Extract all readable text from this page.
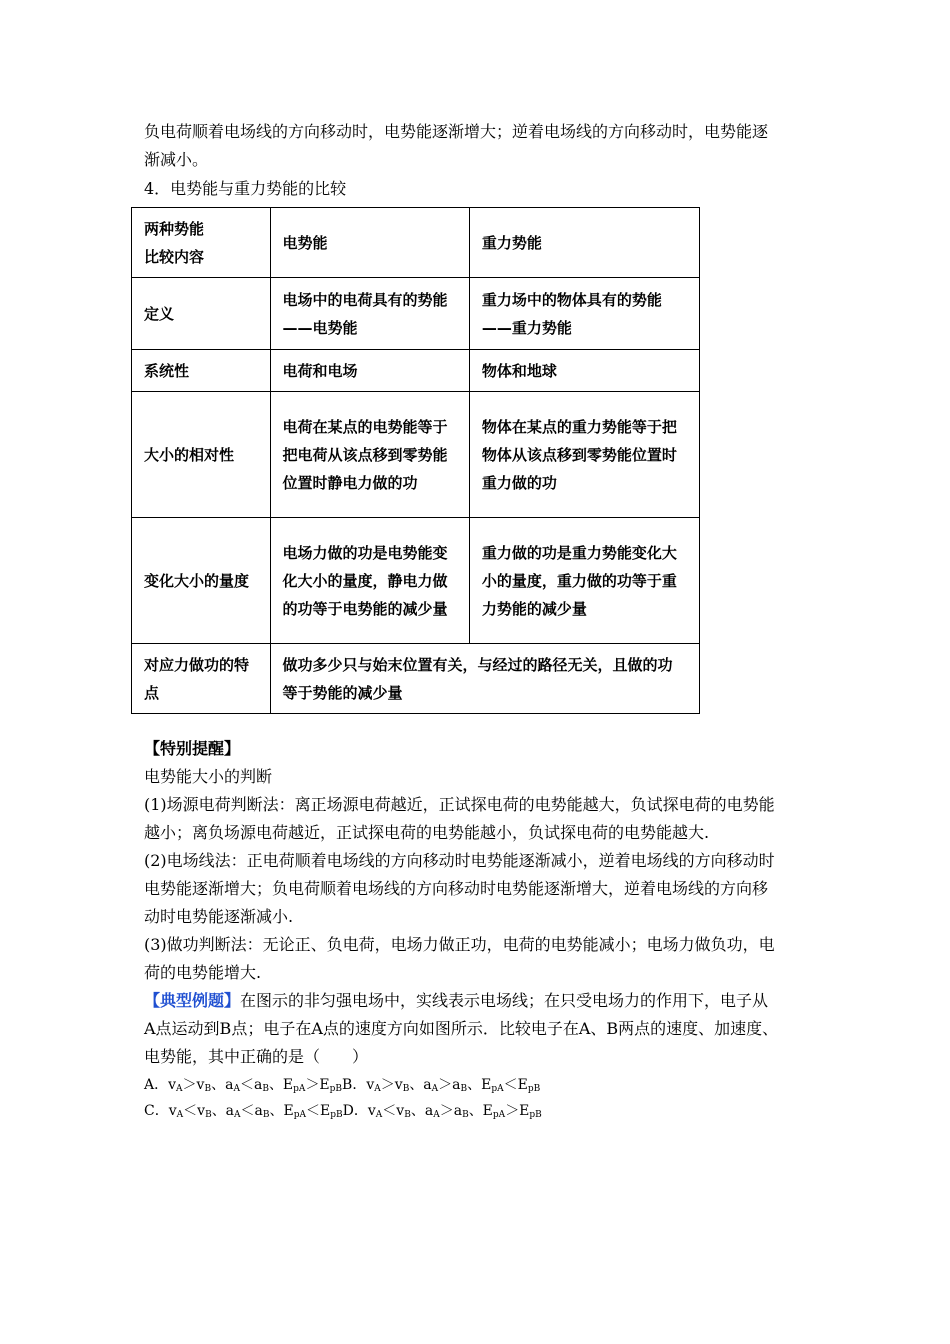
负电荷顺着电场线的方向移动时，电势能逐渐增大；逆着电场线的方向移动时，电势能逐
渐减小。
4．电势能与重力势能的比较
两种势能
比较内容	电势能	重力势能
定义	电场中的电荷具有的势能——电势能	重力场中的物体具有的势能——重力势能
系统性	电荷和电场	物体和地球
大小的相对性	电荷在某点的电势能等于把电荷从该点移到零势能位置时静电力做的功	物体在某点的重力势能等于把物体从该点移到零势能位置时重力做的功
变化大小的量度	电场力做的功是电势能变化大小的量度，静电力做的功等于电势能的减少量	重力做的功是重力势能变化大小的量度，重力做的功等于重力势能的减少量
对应力做功的特点	做功多少只与始末位置有关，与经过的路径无关，且做的功等于势能的减少量	
【特别提醒】
电势能大小的判断
(1)场源电荷判断法：离正场源电荷越近，正试探电荷的电势能越大，负试探电荷的电势能
越小；离负场源电荷越近，正试探电荷的电势能越小，负试探电荷的电势能越大.
(2)电场线法：正电荷顺着电场线的方向移动时电势能逐渐减小，逆着电场线的方向移动时
电势能逐渐增大；负电荷顺着电场线的方向移动时电势能逐渐增大，逆着电场线的方向移
动时电势能逐渐减小.
(3)做功判断法：无论正、负电荷，电场力做正功，电荷的电势能减小；电场力做负功，电
荷的电势能增大.
【典型例题】在图示的非匀强电场中，实线表示电场线；在只受电场力的作用下，电子从
A点运动到B点；电子在A点的速度方向如图所示．比较电子在A、B两点的速度、加速度、
电势能，其中正确的是（　　）
A．$v_A>v_B$、$a_A<a_B$、$E_{pA}>E_{pB}B$．$v_A>v_B$、$a_A>a_B$、$E_{pA}<E_{pB}$
C．$v_A<v_B$、$a_A<a_B$、$E_{pA}<E_{pB}D$．$v_A<v_B$、$a_A>a_B$、$E_{pA}>E_{pB}$
